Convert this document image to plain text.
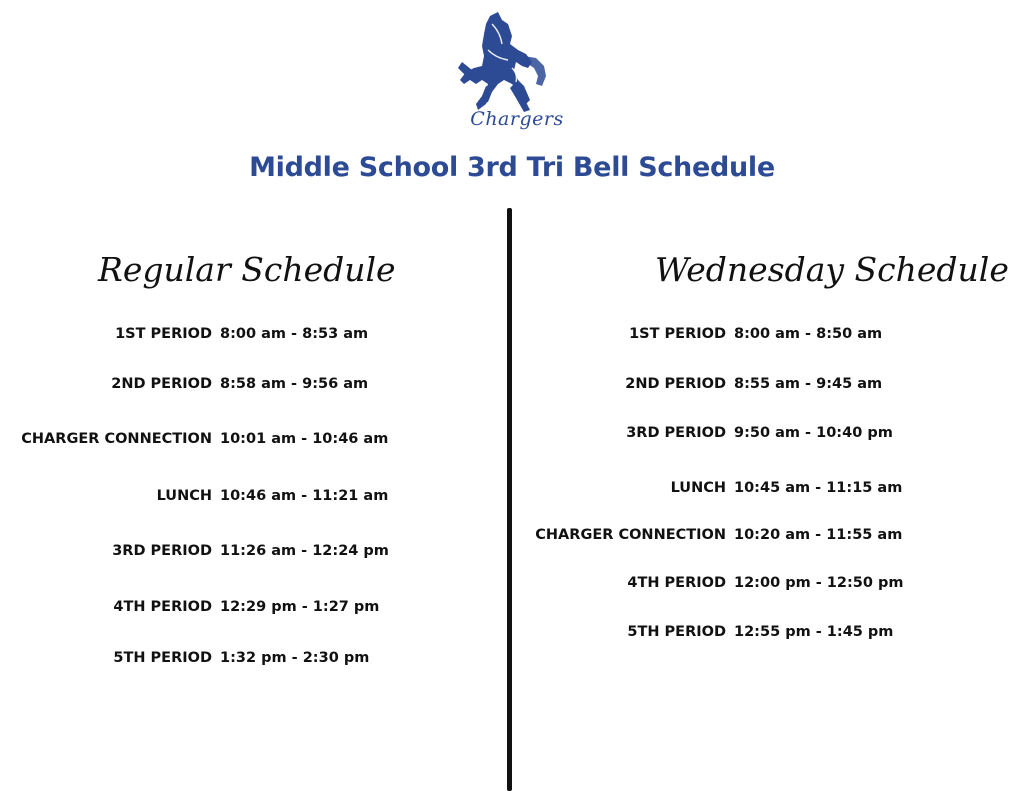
Chargers
Middle School 3rd Tri Bell Schedule
Regular Schedule	Wednesday Schedule
1ST PERIOD 8:00 am - 8:53 am
2ND PERIOD 8:58 am - 9:56 am
CHARGER CONNECTION 10:01 am - 10:46 am
LUNCH 10:46 am - 11:21 am
3RD PERIOD 11:26 am - 12:24 pm
4TH PERIOD 12:29 pm - 1:27 pm
5TH PERIOD 1:32 pm - 2:30 pm
1ST PERIOD 8:00 am - 8:50 am
2ND PERIOD 8:55 am - 9:45 am
3RD PERIOD 9:50 am - 10:40 pm
LUNCH 10:45 am - 11:15 am
CHARGER CONNECTION 10:20 am - 11:55 am
4TH PERIOD 12:00 pm - 12:50 pm
5TH PERIOD 12:55 pm - 1:45 pm
